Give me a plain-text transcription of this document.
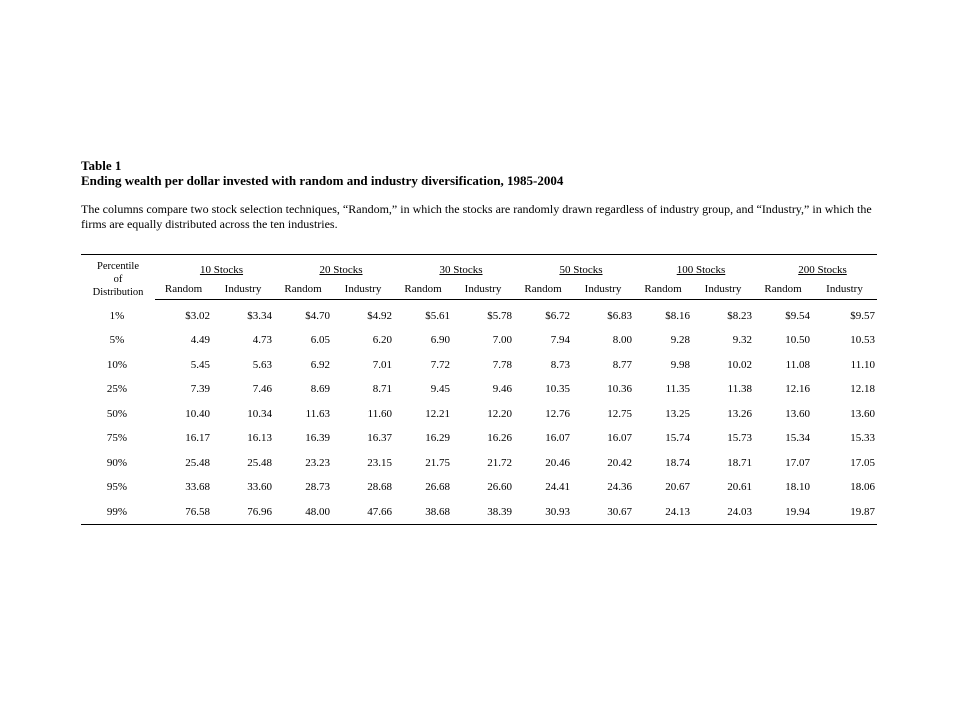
Table 1

Ending wealth per dollar invested with random and industry diversification, 1985-2004

The columns compare two stock selection techniques, “Random,” in which the stocks are randomly drawn regardless of industry group, and “Industry,” in which the firms are equally distributed across the ten industries.

Percentile
of
Distribution	10 Stocks		20 Stocks		30 Stocks		50 Stocks		100 Stocks		200 Stocks	
	Random	Industry	Random	Industry	Random	Industry	Random	Industry	Random	Industry	Random	Industry
1%	$3.02	$3.34	$4.70	$4.92	$5.61	$5.78	$6.72	$6.83	$8.16	$8.23	$9.54	$9.57
5%	4.49	4.73	6.05	6.20	6.90	7.00	7.94	8.00	9.28	9.32	10.50	10.53
10%	5.45	5.63	6.92	7.01	7.72	7.78	8.73	8.77	9.98	10.02	11.08	11.10
25%	7.39	7.46	8.69	8.71	9.45	9.46	10.35	10.36	11.35	11.38	12.16	12.18
50%	10.40	10.34	11.63	11.60	12.21	12.20	12.76	12.75	13.25	13.26	13.60	13.60
75%	16.17	16.13	16.39	16.37	16.29	16.26	16.07	16.07	15.74	15.73	15.34	15.33
90%	25.48	25.48	23.23	23.15	21.75	21.72	20.46	20.42	18.74	18.71	17.07	17.05
95%	33.68	33.60	28.73	28.68	26.68	26.60	24.41	24.36	20.67	20.61	18.10	18.06
99%	76.58	76.96	48.00	47.66	38.68	38.39	30.93	30.67	24.13	24.03	19.94	19.87
